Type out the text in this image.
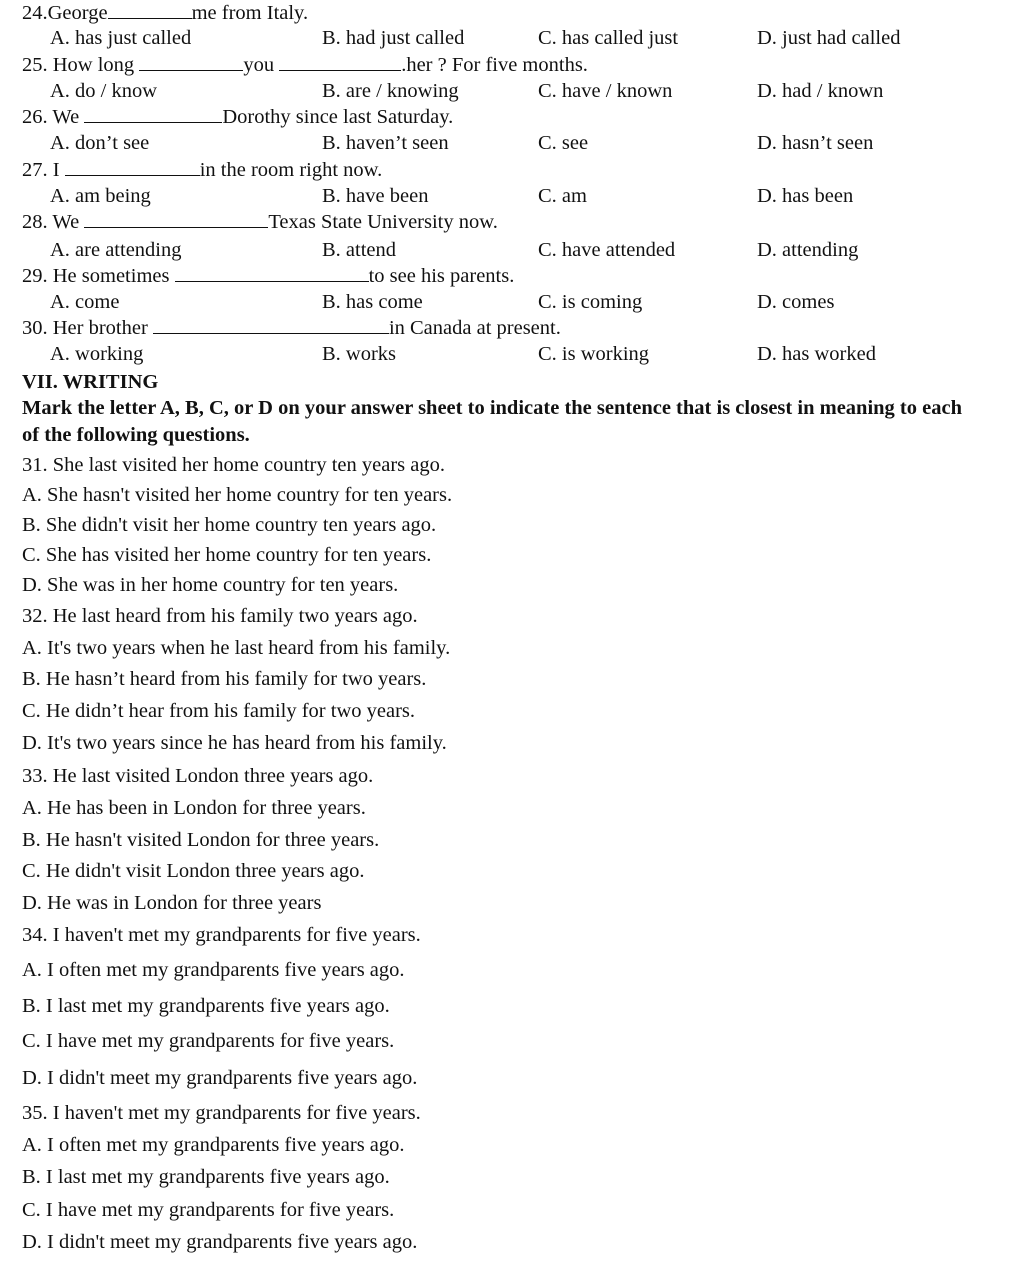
24.George	me from Italy.
A. has just called	B. had just called	C. has called just	D. just had called
25. How long	you	.her ? For five months.
A. do / know	B. are / knowing	C. have / known	D. had / known
26. We	Dorothy since last Saturday.
A. don’t see	B. haven’t seen	C. see	D. hasn’t seen
27. I	in the room right now.
A. am being	B. have been	C. am	D. has been
28. We	Texas State University now.
A. are attending	B. attend	C. have attended	D. attending
29. He sometimes	to see his parents.
A. come	B. has come	C. is coming	D. comes
30. Her brother	in Canada at present.
A. working	B. works	C. is working	D. has worked
VII. WRITING
Mark the letter A, B, C, or D on your answer sheet to indicate the sentence that is closest in meaning to each of the following questions.
31. She last visited her home country ten years ago.
A. She hasn't visited her home country for ten years.
B. She didn't visit her home country ten years ago.
C. She has visited her home country for ten years.
D. She was in her home country for ten years.
32. He last heard from his family two years ago.
A. It's two years when he last heard from his family.
B. He hasn’t heard from his family for two years.
C. He didn’t hear from his family for two years.
D. It's two years since he has heard from his family.
33. He last visited London three years ago.
A. He has been in London for three years.
B. He hasn't visited London for three years.
C. He didn't visit London three years ago.
D. He was in London for three years
34. I haven't met my grandparents for five years.
A. I often met my grandparents five years ago.
B. I last met my grandparents five years ago.
C. I have met my grandparents for five years.
D. I didn't meet my grandparents five years ago.
35. I haven't met my grandparents for five years.
A. I often met my grandparents five years ago.
B. I last met my grandparents five years ago.
C. I have met my grandparents for five years.
D. I didn't meet my grandparents five years ago.
